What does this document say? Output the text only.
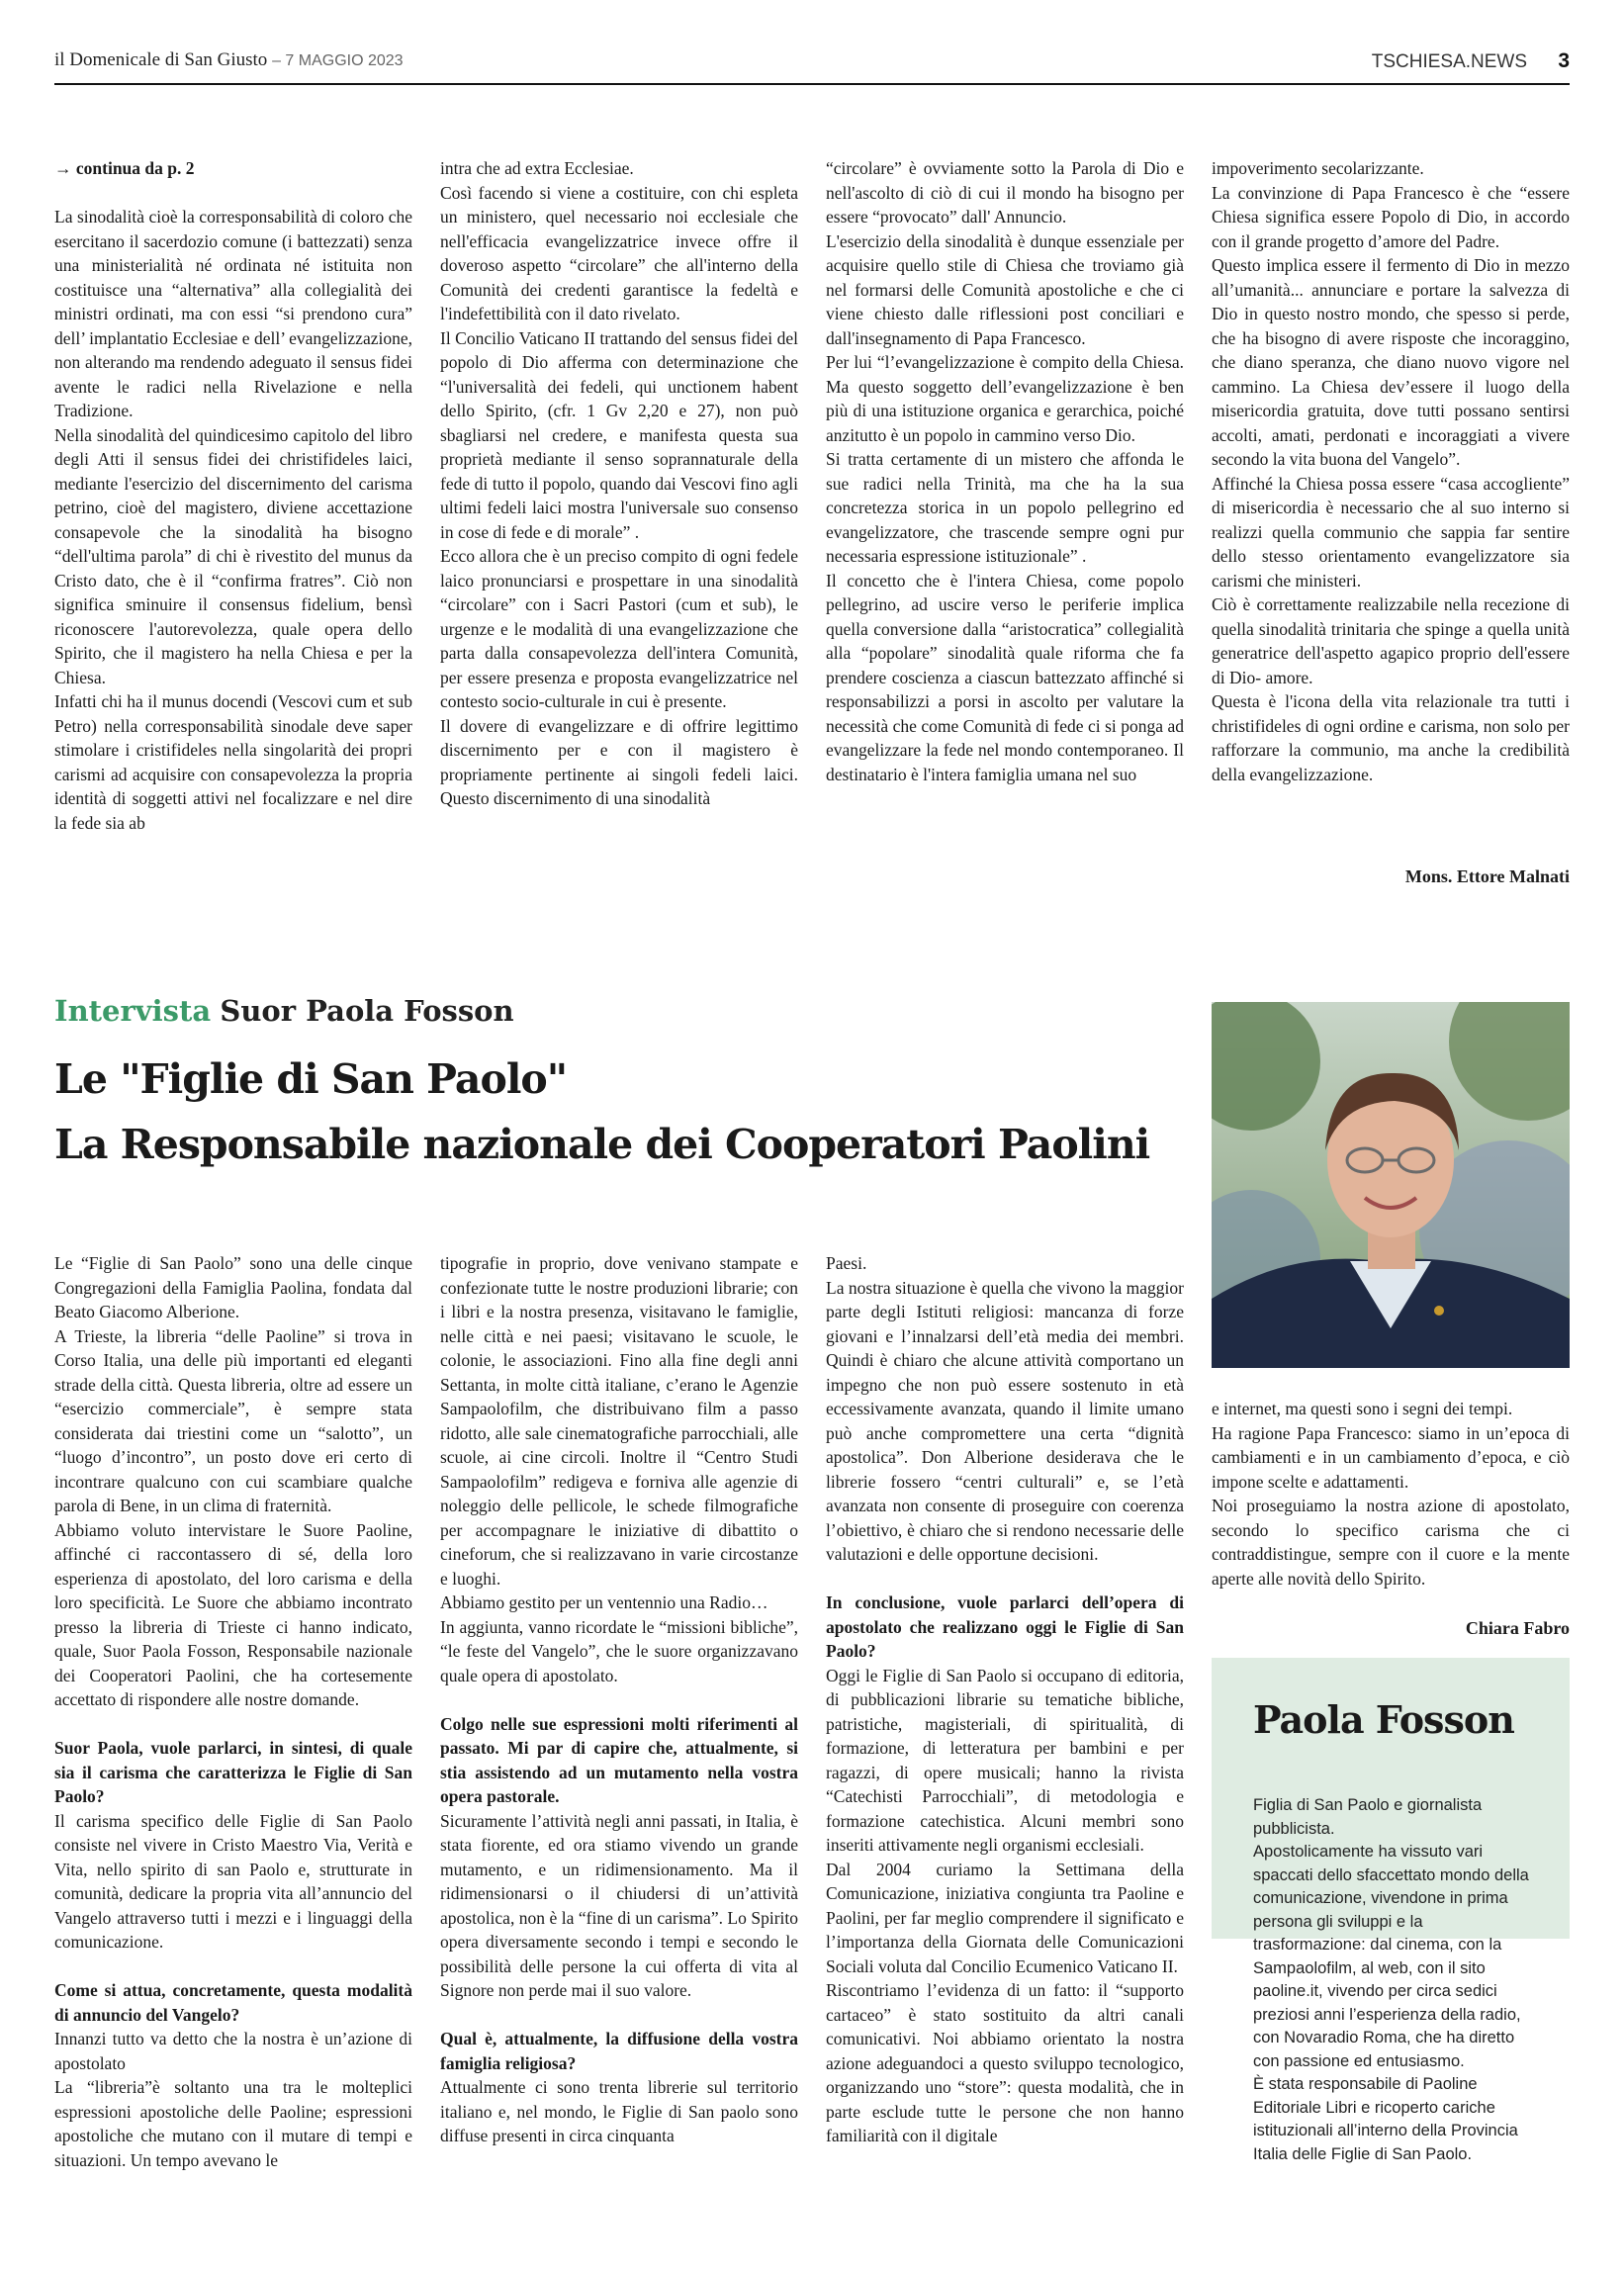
il Domenicale di San Giusto – 7 MAGGIO 2023	TSCHIESA.NEWS 3

→ continua da p. 2

La sinodalità cioè la corresponsabilità di coloro che esercitano il sacerdozio comune (i battezzati) senza una ministerialità né ordinata né istituita non costituisce una “alternativa” alla collegialità dei ministri ordinati, ma con essi “si prendono cura” dell’ implantatio Ecclesiae e dell’ evangelizzazione, non alterando ma rendendo adeguato il sensus fidei avente le radici nella Rivelazione e nella Tradizione.

Nella sinodalità del quindicesimo capitolo del libro degli Atti il sensus fidei dei christifideles laici, mediante l'esercizio del discernimento del carisma petrino, cioè del magistero, diviene accettazione consapevole che la sinodalità ha bisogno “dell'ultima parola” di chi è rivestito del munus da Cristo dato, che è il “confirma fratres”. Ciò non significa sminuire il consensus fidelium, bensì riconoscere l'autorevolezza, quale opera dello Spirito, che il magistero ha nella Chiesa e per la Chiesa.

Infatti chi ha il munus docendi (Vescovi cum et sub Petro) nella corresponsabilità sinodale deve saper stimolare i cristifideles nella singolarità dei propri carismi ad acquisire con consapevolezza la propria identità di soggetti attivi nel focalizzare e nel dire la fede sia ab

intra che ad extra Ecclesiae.

Così facendo si viene a costituire, con chi espleta un ministero, quel necessario noi ecclesiale che nell'efficacia evangelizzatrice invece offre il doveroso aspetto “circolare” che all'interno della Comunità dei credenti garantisce la fedeltà e l'indefettibilità con il dato rivelato.

Il Concilio Vaticano II trattando del sensus fidei del popolo di Dio afferma con determinazione che “l'universalità dei fedeli, qui unctionem habent dello Spirito, (cfr. 1 Gv 2,20 e 27), non può sbagliarsi nel credere, e manifesta questa sua proprietà mediante il senso soprannaturale della fede di tutto il popolo, quando dai Vescovi fino agli ultimi fedeli laici mostra l'universale suo consenso in cose di fede e di morale” .

Ecco allora che è un preciso compito di ogni fedele laico pronunciarsi e prospettare in una sinodalità “circolare” con i Sacri Pastori (cum et sub), le urgenze e le modalità di una evangelizzazione che parta dalla consapevolezza dell'intera Comunità, per essere presenza e proposta evangelizzatrice nel contesto socio-culturale in cui è presente.

Il dovere di evangelizzare e di offrire legittimo discernimento per e con il magistero è propriamente pertinente ai singoli fedeli laici. Questo discernimento di una sinodalità

“circolare” è ovviamente sotto la Parola di Dio e nell'ascolto di ciò di cui il mondo ha bisogno per essere “provocato” dall' Annuncio.

L'esercizio della sinodalità è dunque essenziale per acquisire quello stile di Chiesa che troviamo già nel formarsi delle Comunità apostoliche e che ci viene chiesto dalle riflessioni post conciliari e dall'insegnamento di Papa Francesco.

Per lui “l’evangelizzazione è compito della Chiesa. Ma questo soggetto dell’evangelizzazione è ben più di una istituzione organica e gerarchica, poiché anzitutto è un popolo in cammino verso Dio.

Si tratta certamente di un mistero che affonda le sue radici nella Trinità, ma che ha la sua concretezza storica in un popolo pellegrino ed evangelizzatore, che trascende sempre ogni pur necessaria espressione istituzionale” .

Il concetto che è l'intera Chiesa, come popolo pellegrino, ad uscire verso le periferie implica quella conversione dalla “aristocratica” collegialità alla “popolare” sinodalità quale riforma che fa prendere coscienza a ciascun battezzato affinché si responsabilizzi a porsi in ascolto per valutare la necessità che come Comunità di fede ci si ponga ad evangelizzare la fede nel mondo contemporaneo. Il destinatario è l'intera famiglia umana nel suo

impoverimento secolarizzante.

La convinzione di Papa Francesco è che “essere Chiesa significa essere Popolo di Dio, in accordo con il grande progetto d’amore del Padre.

Questo implica essere il fermento di Dio in mezzo all’umanità... annunciare e portare la salvezza di Dio in questo nostro mondo, che spesso si perde, che ha bisogno di avere risposte che incoraggino, che diano speranza, che diano nuovo vigore nel cammino. La Chiesa dev’essere il luogo della misericordia gratuita, dove tutti possano sentirsi accolti, amati, perdonati e incoraggiati a vivere secondo la vita buona del Vangelo”.

Affinché la Chiesa possa essere “casa accogliente” di misericordia è necessario che al suo interno si realizzi quella communio che sappia far sentire dello stesso orientamento evangelizzatore sia carismi che ministeri.

Ciò è correttamente realizzabile nella recezione di quella sinodalità trinitaria che spinge a quella unità generatrice dell'aspetto agapico proprio dell'essere di Dio- amore.

Questa è l'icona della vita relazionale tra tutti i christifideles di ogni ordine e carisma, non solo per rafforzare la communio, ma anche la credibilità della evangelizzazione.

Mons. Ettore Malnati
Intervista Suor Paola Fosson
Le "Figlie di San Paolo"
La Responsabile nazionale dei Cooperatori Paolini

Le “Figlie di San Paolo” sono una delle cinque Congregazioni della Famiglia Paolina, fondata dal Beato Giacomo Alberione.

A Trieste, la libreria “delle Paoline” si trova in Corso Italia, una delle più importanti ed eleganti strade della città. Questa libreria, oltre ad essere un “esercizio commerciale”, è sempre stata considerata dai triestini come un “salotto”, un “luogo d’incontro”, un posto dove eri certo di incontrare qualcuno con cui scambiare qualche parola di Bene, in un clima di fraternità.

Abbiamo voluto intervistare le Suore Paoline, affinché ci raccontassero di sé, della loro esperienza di apostolato, del loro carisma e della loro specificità. Le Suore che abbiamo incontrato presso la libreria di Trieste ci hanno indicato, quale, Suor Paola Fosson, Responsabile nazionale dei Cooperatori Paolini, che ha cortesemente accettato di rispondere alle nostre domande.

Suor Paola, vuole parlarci, in sintesi, di quale sia il carisma che caratterizza le Figlie di San Paolo?

Il carisma specifico delle Figlie di San Paolo consiste nel vivere in Cristo Maestro Via, Verità e Vita, nello spirito di san Paolo e, strutturate in comunità, dedicare la propria vita all’annuncio del Vangelo attraverso tutti i mezzi e i linguaggi della comunicazione.

Come si attua, concretamente, questa modalità di annuncio del Vangelo?

Innanzi tutto va detto che la nostra è un’azione di apostolato

La “libreria”è soltanto una tra le molteplici espressioni apostoliche delle Paoline; espressioni apostoliche che mutano con il mutare di tempi e situazioni. Un tempo avevano le

tipografie in proprio, dove venivano stampate e confezionate tutte le nostre produzioni librarie; con i libri e la nostra presenza, visitavano le famiglie, nelle città e nei paesi; visitavano le scuole, le colonie, le associazioni. Fino alla fine degli anni Settanta, in molte città italiane, c’erano le Agenzie Sampaolofilm, che distribuivano film a passo ridotto, alle sale cinematografiche parrocchiali, alle scuole, ai cine circoli. Inoltre il “Centro Studi Sampaolofilm” redigeva e forniva alle agenzie di noleggio delle pellicole, le schede filmografiche per accompagnare le iniziative di dibattito o cineforum, che si realizzavano in varie circostanze e luoghi.

Abbiamo gestito per un ventennio una Radio…

In aggiunta, vanno ricordate le “missioni bibliche”, “le feste del Vangelo”, che le suore organizzavano quale opera di apostolato.

Colgo nelle sue espressioni molti riferimenti al passato. Mi par di capire che, attualmente, si stia assistendo ad un mutamento nella vostra opera pastorale.

Sicuramente l’attività negli anni passati, in Italia, è stata fiorente, ed ora stiamo vivendo un grande mutamento, e un ridimensionamento. Ma il ridimensionarsi o il chiudersi di un’attività apostolica, non è la “fine di un carisma”. Lo Spirito opera diversamente secondo i tempi e secondo le possibilità delle persone la cui offerta di vita al Signore non perde mai il suo valore.

Qual è, attualmente, la diffusione della vostra famiglia religiosa?

Attualmente ci sono trenta librerie sul territorio italiano e, nel mondo, le Figlie di San paolo sono diffuse presenti in circa cinquanta

Paesi.

La nostra situazione è quella che vivono la maggior parte degli Istituti religiosi: mancanza di forze giovani e l’innalzarsi dell’età media dei membri. Quindi è chiaro che alcune attività comportano un impegno che non può essere sostenuto in età eccessivamente avanzata, quando il limite umano può anche compromettere una certa “dignità apostolica”. Don Alberione desiderava che le librerie fossero “centri culturali” e, se l’età avanzata non consente di proseguire con coerenza l’obiettivo, è chiaro che si rendono necessarie delle valutazioni e delle opportune decisioni.

In conclusione, vuole parlarci dell’opera di apostolato che realizzano oggi le Figlie di San Paolo?

Oggi le Figlie di San Paolo si occupano di editoria, di pubblicazioni librarie su tematiche bibliche, patristiche, magisteriali, di spiritualità, di formazione, di letteratura per bambini e per ragazzi, di opere musicali; hanno la rivista “Catechisti Parrocchiali”, di metodologia e formazione catechistica. Alcuni membri sono inseriti attivamente negli organismi ecclesiali.

Dal 2004 curiamo la Settimana della Comunicazione, iniziativa congiunta tra Paoline e Paolini, per far meglio comprendere il significato e l’importanza della Giornata delle Comunicazioni Sociali voluta dal Concilio Ecumenico Vaticano II.

Riscontriamo l’evidenza di un fatto: il “supporto cartaceo” è stato sostituito da altri canali comunicativi. Noi abbiamo orientato la nostra azione adeguandoci a questo sviluppo tecnologico, organizzando uno “store”: questa modalità, che in parte esclude tutte le persone che non hanno familiarità con il digitale

e internet, ma questi sono i segni dei tempi.

Ha ragione Papa Francesco: siamo in un’epoca di cambiamenti e in un cambiamento d’epoca, e ciò impone scelte e adattamenti.

Noi proseguiamo la nostra azione di apostolato, secondo lo specifico carisma che ci contraddistingue, sempre con il cuore e la mente aperte alle novità dello Spirito.

Chiara Fabro
Paola Fosson
Figlia di San Paolo e giornalista pubblicista.
Apostolicamente ha vissuto vari spaccati dello sfaccettato mondo della comunicazione, vivendone in prima persona gli sviluppi e la trasformazione: dal cinema, con la Sampaolofilm, al web, con il sito paoline.it, vivendo per circa sedici preziosi anni l’esperienza della radio, con Novaradio Roma, che ha diretto con passione ed entusiasmo.
È stata responsabile di Paoline Editoriale Libri e ricoperto cariche istituzionali all’interno della Provincia Italia delle Figlie di San Paolo.
